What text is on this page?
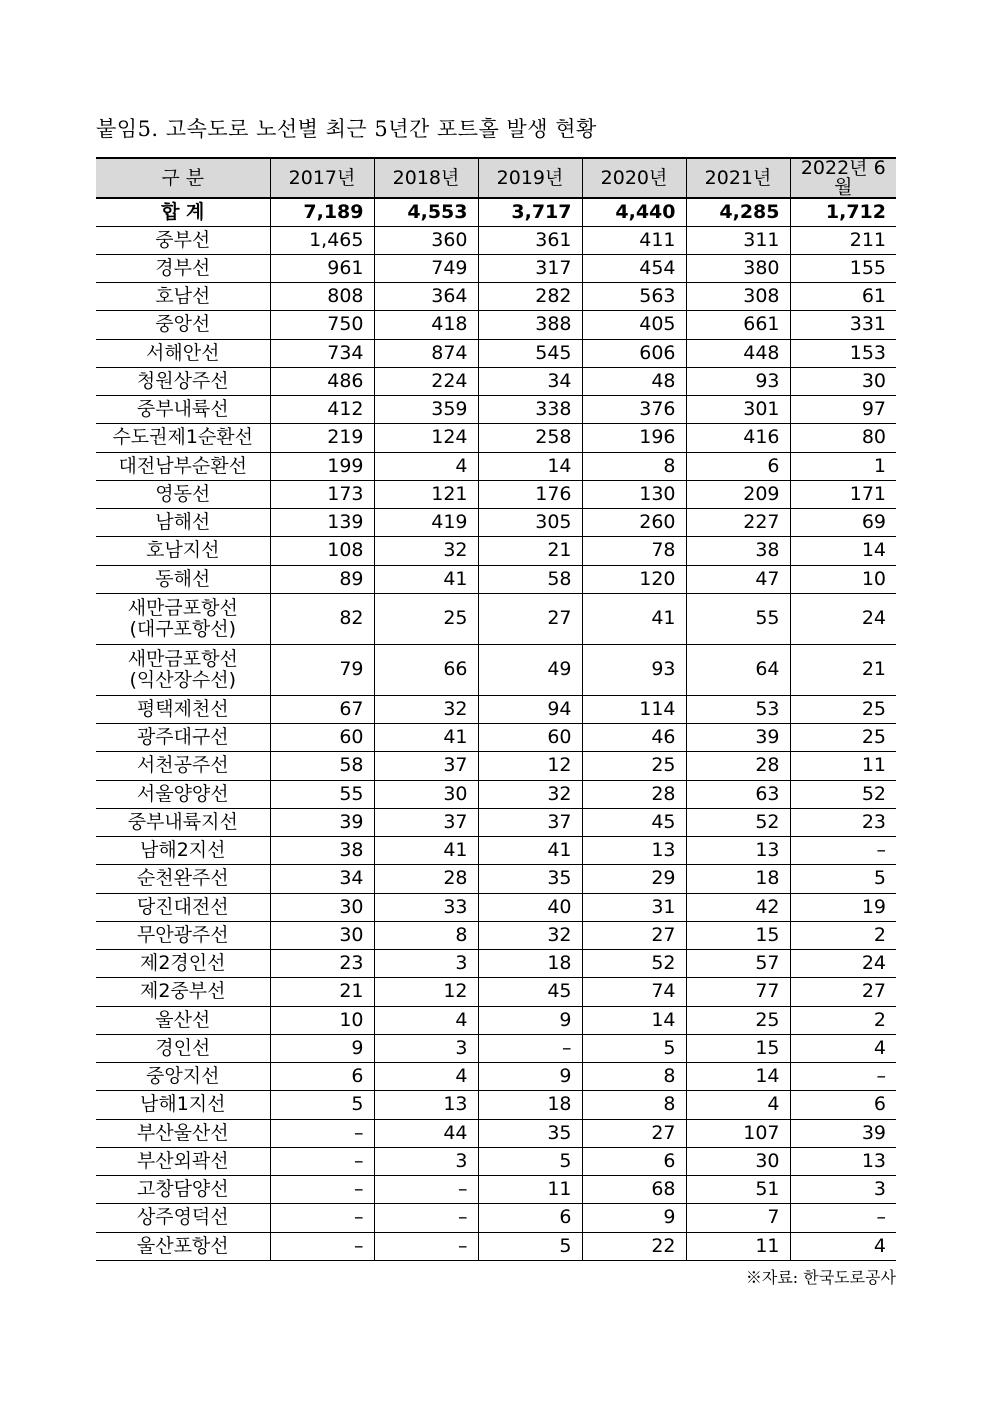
붙임5. 고속도로 노선별 최근 5년간 포트홀 발생 현황
구 분	2017년	2018년	2019년	2020년	2021년	2022년 6월
합 계	7,189	4,553	3,717	4,440	4,285	1,712

중부선	1,465	360	361	411	311	211

경부선	961	749	317	454	380	155

호남선	808	364	282	563	308	61

중앙선	750	418	388	405	661	331

서해안선	734	874	545	606	448	153

청원상주선	486	224	34	48	93	30

중부내륙선	412	359	338	376	301	97

수도권제1순환선	219	124	258	196	416	80

대전남부순환선	199	4	14	8	6	1

영동선	173	121	176	130	209	171

남해선	139	419	305	260	227	69

호남지선	108	32	21	78	38	14

동해선	89	41	58	120	47	10

새만금포항선
(대구포항선)	82	25	27	41	55	24

새만금포항선
(익산장수선)	79	66	49	93	64	21

평택제천선	67	32	94	114	53	25

광주대구선	60	41	60	46	39	25

서천공주선	58	37	12	25	28	11

서울양양선	55	30	32	28	63	52

중부내륙지선	39	37	37	45	52	23

남해2지선	38	41	41	13	13	–

순천완주선	34	28	35	29	18	5

당진대전선	30	33	40	31	42	19

무안광주선	30	8	32	27	15	2

제2경인선	23	3	18	52	57	24

제2중부선	21	12	45	74	77	27

울산선	10	4	9	14	25	2

경인선	9	3	–	5	15	4

중앙지선	6	4	9	8	14	–

남해1지선	5	13	18	8	4	6

부산울산선	–	44	35	27	107	39

부산외곽선	–	3	5	6	30	13

고창담양선	–	–	11	68	51	3

상주영덕선	–	–	6	9	7	–

울산포항선	–	–	5	22	11	4
※자료: 한국도로공사
